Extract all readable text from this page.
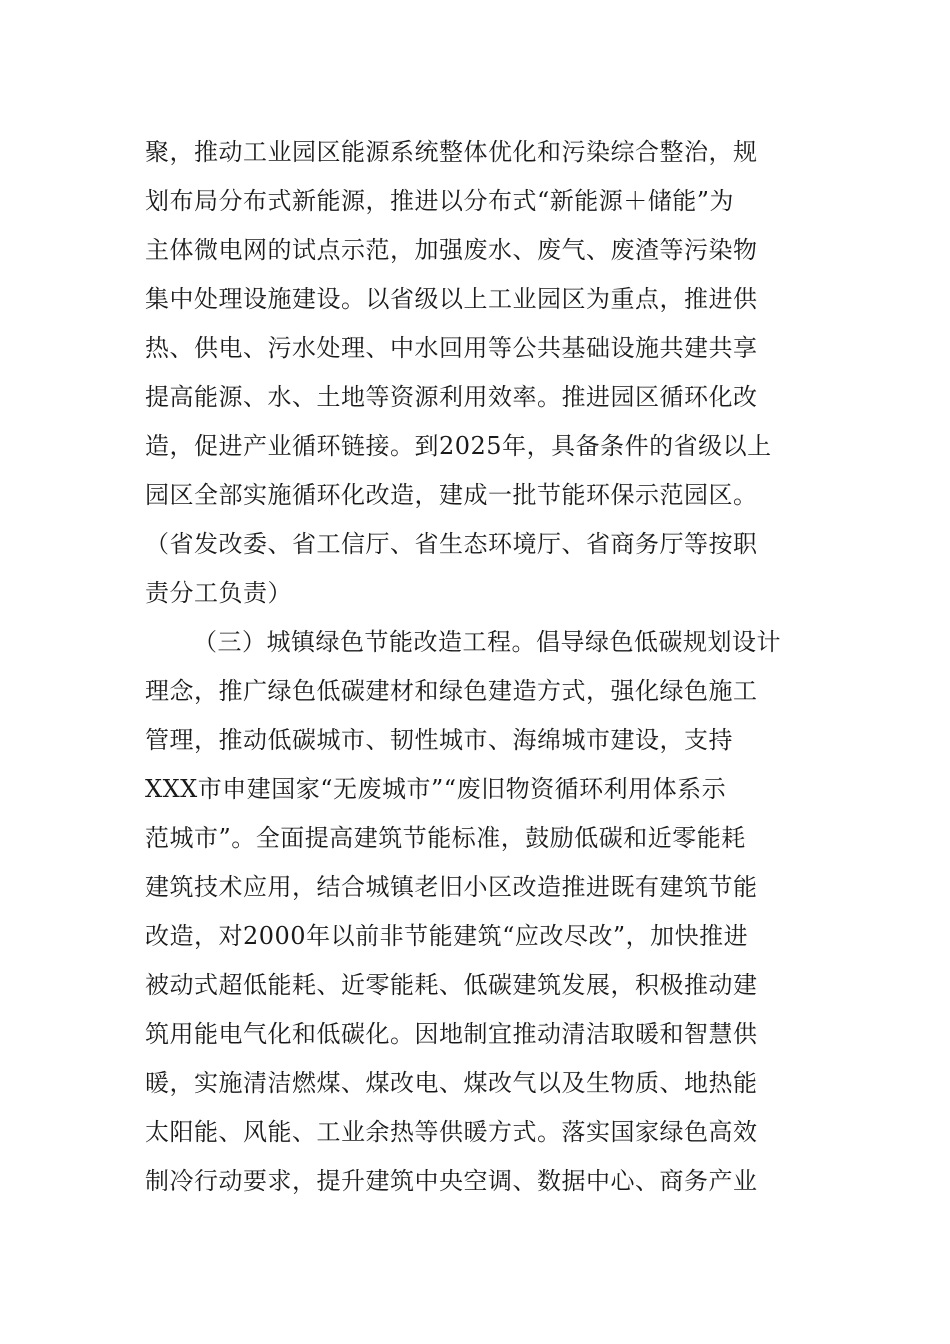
聚，推动工业园区能源系统整体优化和污染综合整治，规
划布局分布式新能源，推进以分布式“新能源＋储能”为
主体微电网的试点示范，加强废水、废气、废渣等污染物
集中处理设施建设。以省级以上工业园区为重点，推进供
热、供电、污水处理、中水回用等公共基础设施共建共享
提高能源、水、土地等资源利用效率。推进园区循环化改
造，促进产业循环链接。到2025年，具备条件的省级以上
园区全部实施循环化改造，建成一批节能环保示范园区。
（省发改委、省工信厅、省生态环境厅、省商务厅等按职
责分工负责）
（三）城镇绿色节能改造工程。倡导绿色低碳规划设计
理念，推广绿色低碳建材和绿色建造方式，强化绿色施工
管理，推动低碳城市、韧性城市、海绵城市建设，支持
XXX市申建国家“无废城市”“废旧物资循环利用体系示
范城市”。全面提高建筑节能标准，鼓励低碳和近零能耗
建筑技术应用，结合城镇老旧小区改造推进既有建筑节能
改造，对2000年以前非节能建筑“应改尽改”，加快推进
被动式超低能耗、近零能耗、低碳建筑发展，积极推动建
筑用能电气化和低碳化。因地制宜推动清洁取暖和智慧供
暖，实施清洁燃煤、煤改电、煤改气以及生物质、地热能
太阳能、风能、工业余热等供暖方式。落实国家绿色高效
制冷行动要求，提升建筑中央空调、数据中心、商务产业
